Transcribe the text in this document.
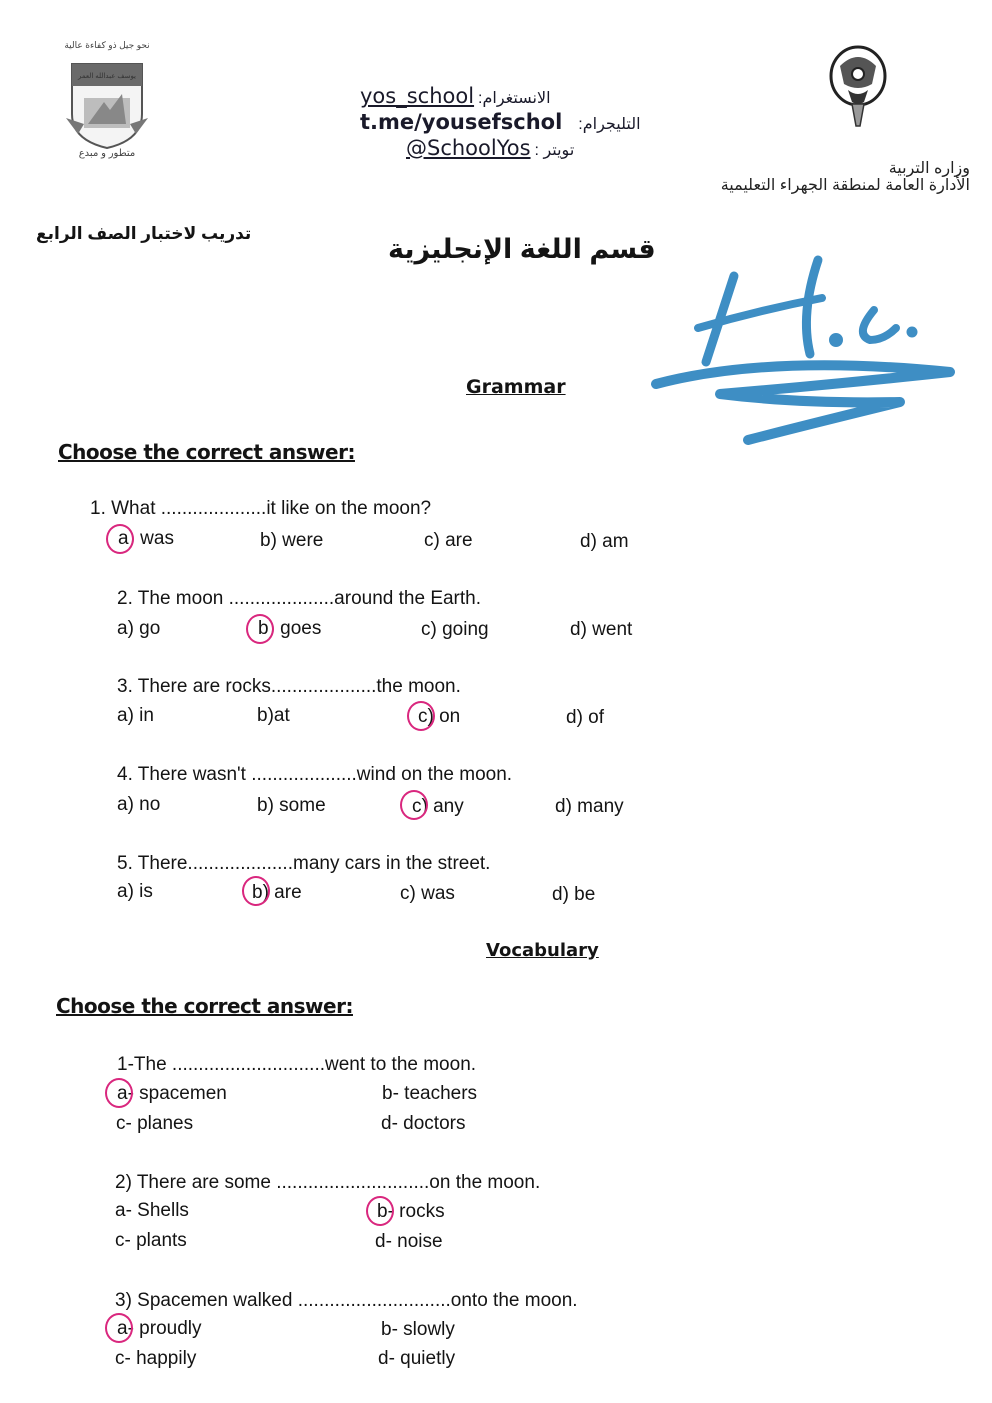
نحو جيل ذو كفاءة عالية
يوسف عبدالله العمر
متطور و مبدع
yos_school :الانستغرام
t.me/yousefschol :التليجرام
@SchoolYos : تويتر
وزاره التربية
الأدارة العامة لمنطقة الجهراء التعليمية
تدريب لاختبار الصف الرابع
قسم اللغة الإنجليزية
Grammar
Choose the correct answer:
1. What ....................it like on the moon?
a) was	b) were	c) are	d) am
2. The moon ....................around the Earth.
a) go	b) goes	c) going	d) went
3. There are rocks....................the moon.
a) in	b)at	c) on	d) of
4. There wasn't ....................wind on the moon.
a) no	b) some	c) any	d) many
5. There....................many cars in the street.
a) is	b) are	c) was	d) be
Vocabulary
Choose the correct answer:
1-The .............................went to the moon.
a- spacemen	b- teachers
c- planes	d- doctors
2) There are some .............................on the moon.
a- Shells	b- rocks
c- plants	d- noise
3) Spacemen walked .............................onto the moon.
a- proudly	b- slowly
c- happily	d- quietly
